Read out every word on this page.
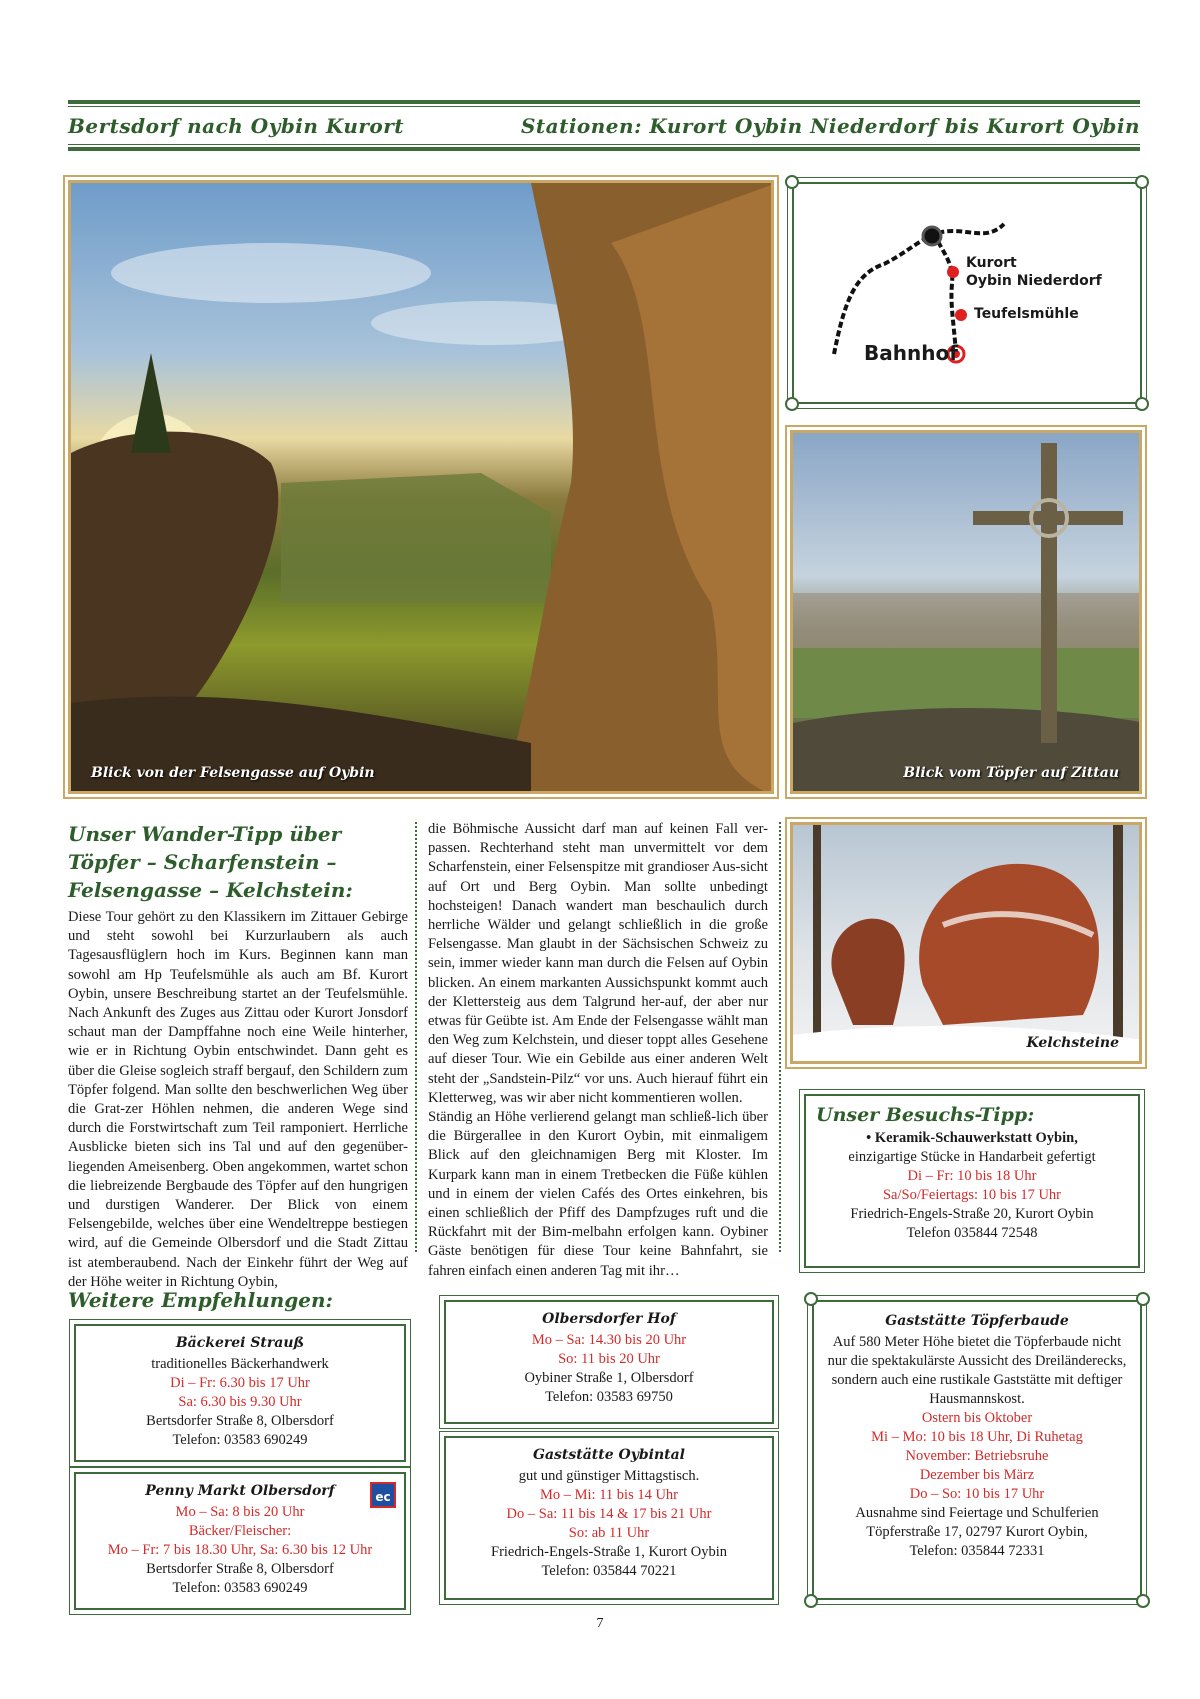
Bertsdorf nach Oybin Kurort	Stationen: Kurort Oybin Niederdorf bis Kurort Oybin
Blick von der Felsengasse auf Oybin
Kurort
Oybin Niederdorf
Teufelsmühle
Bahnhof
Blick vom Töpfer auf Zittau
Kelchsteine
Unser Wander-Tipp über
Töpfer – Scharfenstein –
Felsengasse – Kelchstein:
Diese Tour gehört zu den Klassikern im Zittauer Gebirge und steht sowohl bei Kurzurlaubern als auch Tagesausflüglern hoch im Kurs. Beginnen kann man sowohl am Hp Teufelsmühle als auch am Bf. Kurort Oybin, unsere Beschreibung startet an der Teufelsmühle. Nach Ankunft des Zuges aus Zittau oder Kurort Jonsdorf schaut man der Dampffahne noch eine Weile hinterher, wie er in Richtung Oybin entschwindet. Dann geht es über die Gleise sogleich straff bergauf, den Schildern zum Töpfer folgend. Man sollte den beschwerlichen Weg über die Grat-zer Höhlen nehmen, die anderen Wege sind durch die Forstwirtschaft zum Teil ramponiert. Herrliche Ausblicke bieten sich ins Tal und auf den gegenüber-liegenden Ameisenberg. Oben angekommen, wartet schon die liebreizende Bergbaude des Töpfer auf den hungrigen und durstigen Wanderer. Der Blick von einem Felsengebilde, welches über eine Wendeltreppe bestiegen wird, auf die Gemeinde Olbersdorf und die Stadt Zittau ist atemberaubend. Nach der Einkehr führt der Weg auf der Höhe weiter in Richtung Oybin,
die Böhmische Aussicht darf man auf keinen Fall ver-passen. Rechterhand steht man unvermittelt vor dem Scharfenstein, einer Felsenspitze mit grandioser Aus-sicht auf Ort und Berg Oybin. Man sollte unbedingt hochsteigen! Danach wandert man beschaulich durch herrliche Wälder und gelangt schließlich in die große Felsengasse. Man glaubt in der Sächsischen Schweiz zu sein, immer wieder kann man durch die Felsen auf Oybin blicken. An einem markanten Aussichspunkt kommt auch der Klettersteig aus dem Talgrund her-auf, der aber nur etwas für Geübte ist. Am Ende der Felsengasse wählt man den Weg zum Kelchstein, und dieser toppt alles Gesehene auf dieser Tour. Wie ein Gebilde aus einer anderen Welt steht der „Sandstein-Pilz“ vor uns. Auch hierauf führt ein Kletterweg, was wir aber nicht kommentieren wollen.
Ständig an Höhe verlierend gelangt man schließ-lich über die Bürgerallee in den Kurort Oybin, mit einmaligem Blick auf den gleichnamigen Berg mit Kloster. Im Kurpark kann man in einem Tretbecken die Füße kühlen und in einem der vielen Cafés des Ortes einkehren, bis einen schließlich der Pfiff des Dampfzuges ruft und die Rückfahrt mit der Bim-melbahn erfolgen kann. Oybiner Gäste benötigen für diese Tour keine Bahnfahrt, sie fahren einfach einen anderen Tag mit ihr…
Unser Besuchs-Tipp:
• Keramik-Schauwerkstatt Oybin,
einzigartige Stücke in Handarbeit gefertigt
Di – Fr: 10 bis 18 Uhr
Sa/So/Feiertags: 10 bis 17 Uhr
Friedrich-Engels-Straße 20, Kurort Oybin
Telefon 035844 72548
Weitere Empfehlungen:
Bäckerei Strauß
traditionelles Bäckerhandwerk
Di – Fr: 6.30 bis 17 Uhr
Sa: 6.30 bis 9.30 Uhr
Bertsdorfer Straße 8, Olbersdorf
Telefon: 03583 690249
Penny Markt Olbersdorf	ec
Mo – Sa: 8 bis 20 Uhr
Bäcker/Fleischer:
Mo – Fr: 7 bis 18.30 Uhr, Sa: 6.30 bis 12 Uhr
Bertsdorfer Straße 8, Olbersdorf
Telefon: 03583 690249
Olbersdorfer Hof
Mo – Sa: 14.30 bis 20 Uhr
So: 11 bis 20 Uhr
Oybiner Straße 1, Olbersdorf
Telefon: 03583 69750
Gaststätte Oybintal
gut und günstiger Mittagstisch.
Mo – Mi: 11 bis 14 Uhr
Do – Sa: 11 bis 14 & 17 bis 21 Uhr
So: ab 11 Uhr
Friedrich-Engels-Straße 1, Kurort Oybin
Telefon: 035844 70221
Gaststätte Töpferbaude
Auf 580 Meter Höhe bietet die Töpferbaude nicht nur die spektakulärste Aussicht des Dreiländerecks, sondern auch eine rustikale Gaststätte mit deftiger Hausmannskost.
Ostern bis Oktober
Mi – Mo: 10 bis 18 Uhr, Di Ruhetag
November: Betriebsruhe
Dezember bis März
Do – So: 10 bis 17 Uhr
Ausnahme sind Feiertage und Schulferien
Töpferstraße 17, 02797 Kurort Oybin,
Telefon: 035844 72331
7
